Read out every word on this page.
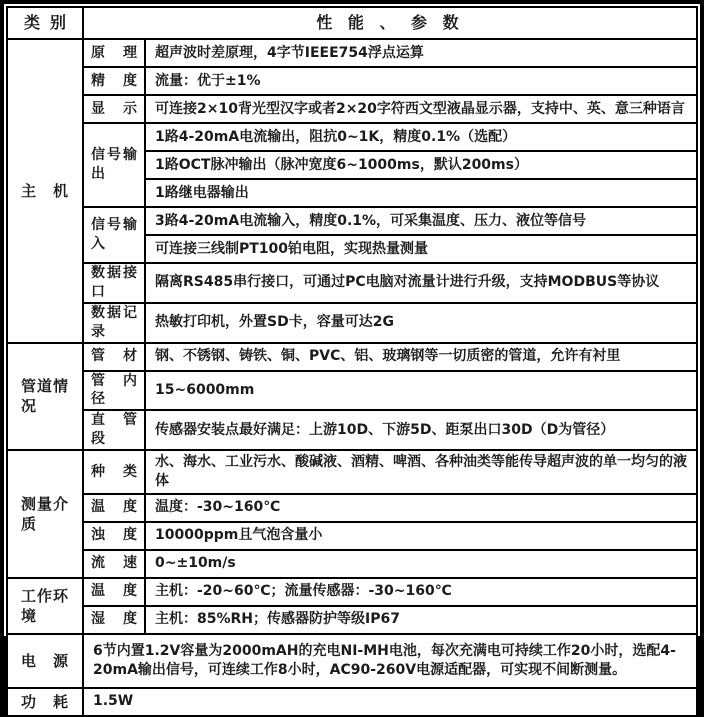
类 别	性 能 、 参 数	
主 机	原 理	超声波时差原理，4字节IEEE754浮点运算
	精 度	流量：优于±1%
	显 示	可连接2×10背光型汉字或者2×20字符西文型液晶显示器，支持中、英、意三种语言
	信号输出	1路4-20mA电流输出，阻抗0~1K，精度0.1%（选配）
		1路OCT脉冲输出（脉冲宽度6~1000ms，默认200ms）
		1路继电器输出
	信号输入	3路4-20mA电流输入，精度0.1%，可采集温度、压力、液位等信号
		可连接三线制PT100铂电阻，实现热量测量
	数据接口	隔离RS485串行接口，可通过PC电脑对流量计进行升级，支持MODBUS等协议
	数据记录	热敏打印机，外置SD卡，容量可达2G
管道情况	管 材	钢、不锈钢、铸铁、铜、PVC、铝、玻璃钢等一切质密的管道，允许有衬里
	管 内 径	15~6000mm
	直 管 段	传感器安装点最好满足：上游10D、下游5D、距泵出口30D（D为管径）
测量介质	种 类	水、海水、工业污水、酸碱液、酒精、啤酒、各种油类等能传导超声波的单一均匀的液体
	温 度	温度：-30~160℃
	浊 度	10000ppm且气泡含量小
	流 速	0~±10m/s
工作环境	温 度	主机：-20~60℃；流量传感器：-30~160℃
	湿 度	主机：85%RH；传感器防护等级IP67
电 源	6节内置1.2V容量为2000mAH的充电NI-MH电池，每次充满电可持续工作20小时，选配4-20mA输出信号，可连续工作8小时，AC90-260V电源适配器，可实现不间断测量。	
功 耗	1.5W	
